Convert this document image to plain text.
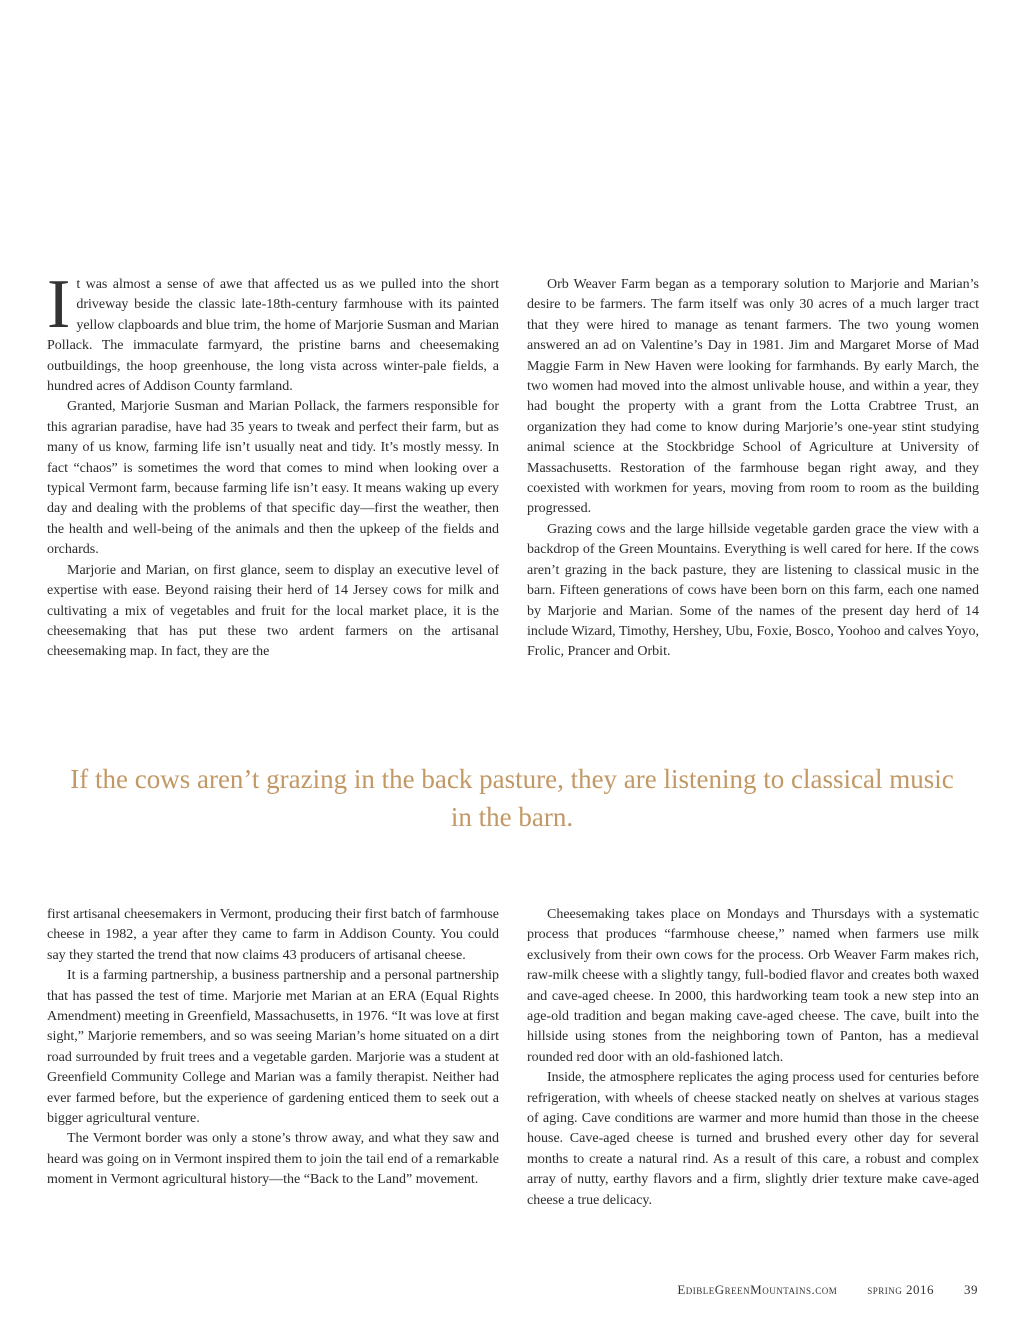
It was almost a sense of awe that affected us as we pulled into the short driveway beside the classic late-18th-century farmhouse with its painted yellow clapboards and blue trim, the home of Marjorie Susman and Marian Pollack. The immaculate farmyard, the pristine barns and cheesemaking outbuildings, the hoop greenhouse, the long vista across winter-pale fields, a hundred acres of Addison County farmland.

Granted, Marjorie Susman and Marian Pollack, the farmers responsible for this agrarian paradise, have had 35 years to tweak and perfect their farm, but as many of us know, farming life isn’t usually neat and tidy. It’s mostly messy. In fact “chaos” is sometimes the word that comes to mind when looking over a typical Vermont farm, because farming life isn’t easy. It means waking up every day and dealing with the problems of that specific day—first the weather, then the health and well-being of the animals and then the upkeep of the fields and orchards.

Marjorie and Marian, on first glance, seem to display an executive level of expertise with ease. Beyond raising their herd of 14 Jersey cows for milk and cultivating a mix of vegetables and fruit for the local market place, it is the cheesemaking that has put these two ardent farmers on the artisanal cheesemaking map. In fact, they are the

Orb Weaver Farm began as a temporary solution to Marjorie and Marian’s desire to be farmers. The farm itself was only 30 acres of a much larger tract that they were hired to manage as tenant farmers. The two young women answered an ad on Valentine’s Day in 1981. Jim and Margaret Morse of Mad Maggie Farm in New Haven were looking for farmhands. By early March, the two women had moved into the almost unlivable house, and within a year, they had bought the property with a grant from the Lotta Crabtree Trust, an organization they had come to know during Marjorie’s one-year stint studying animal science at the Stockbridge School of Agriculture at University of Massachusetts. Restoration of the farmhouse began right away, and they coexisted with workmen for years, moving from room to room as the building progressed.

Grazing cows and the large hillside vegetable garden grace the view with a backdrop of the Green Mountains. Everything is well cared for here. If the cows aren’t grazing in the back pasture, they are listening to classical music in the barn. Fifteen generations of cows have been born on this farm, each one named by Marjorie and Marian. Some of the names of the present day herd of 14 include Wizard, Timothy, Hershey, Ubu, Foxie, Bosco, Yoohoo and calves Yoyo, Frolic, Prancer and Orbit.

If the cows aren’t grazing in the back pasture, they are listening to classical music in the barn.

first artisanal cheesemakers in Vermont, producing their first batch of farmhouse cheese in 1982, a year after they came to farm in Addison County. You could say they started the trend that now claims 43 producers of artisanal cheese.

It is a farming partnership, a business partnership and a personal partnership that has passed the test of time. Marjorie met Marian at an ERA (Equal Rights Amendment) meeting in Greenfield, Massachusetts, in 1976. “It was love at first sight,” Marjorie remembers, and so was seeing Marian’s home situated on a dirt road surrounded by fruit trees and a vegetable garden. Marjorie was a student at Greenfield Community College and Marian was a family therapist. Neither had ever farmed before, but the experience of gardening enticed them to seek out a bigger agricultural venture.

The Vermont border was only a stone’s throw away, and what they saw and heard was going on in Vermont inspired them to join the tail end of a remarkable moment in Vermont agricultural history—the “Back to the Land” movement.

Cheesemaking takes place on Mondays and Thursdays with a systematic process that produces “farmhouse cheese,” named when farmers use milk exclusively from their own cows for the process. Orb Weaver Farm makes rich, raw-milk cheese with a slightly tangy, full-bodied flavor and creates both waxed and cave-aged cheese. In 2000, this hardworking team took a new step into an age-old tradition and began making cave-aged cheese. The cave, built into the hillside using stones from the neighboring town of Panton, has a medieval rounded red door with an old-fashioned latch.

Inside, the atmosphere replicates the aging process used for centuries before refrigeration, with wheels of cheese stacked neatly on shelves at various stages of aging. Cave conditions are warmer and more humid than those in the cheese house. Cave-aged cheese is turned and brushed every other day for several months to create a natural rind. As a result of this care, a robust and complex array of nutty, earthy flavors and a firm, slightly drier texture make cave-aged cheese a true delicacy.

EdibleGreenMountains.com spring 2016 39
